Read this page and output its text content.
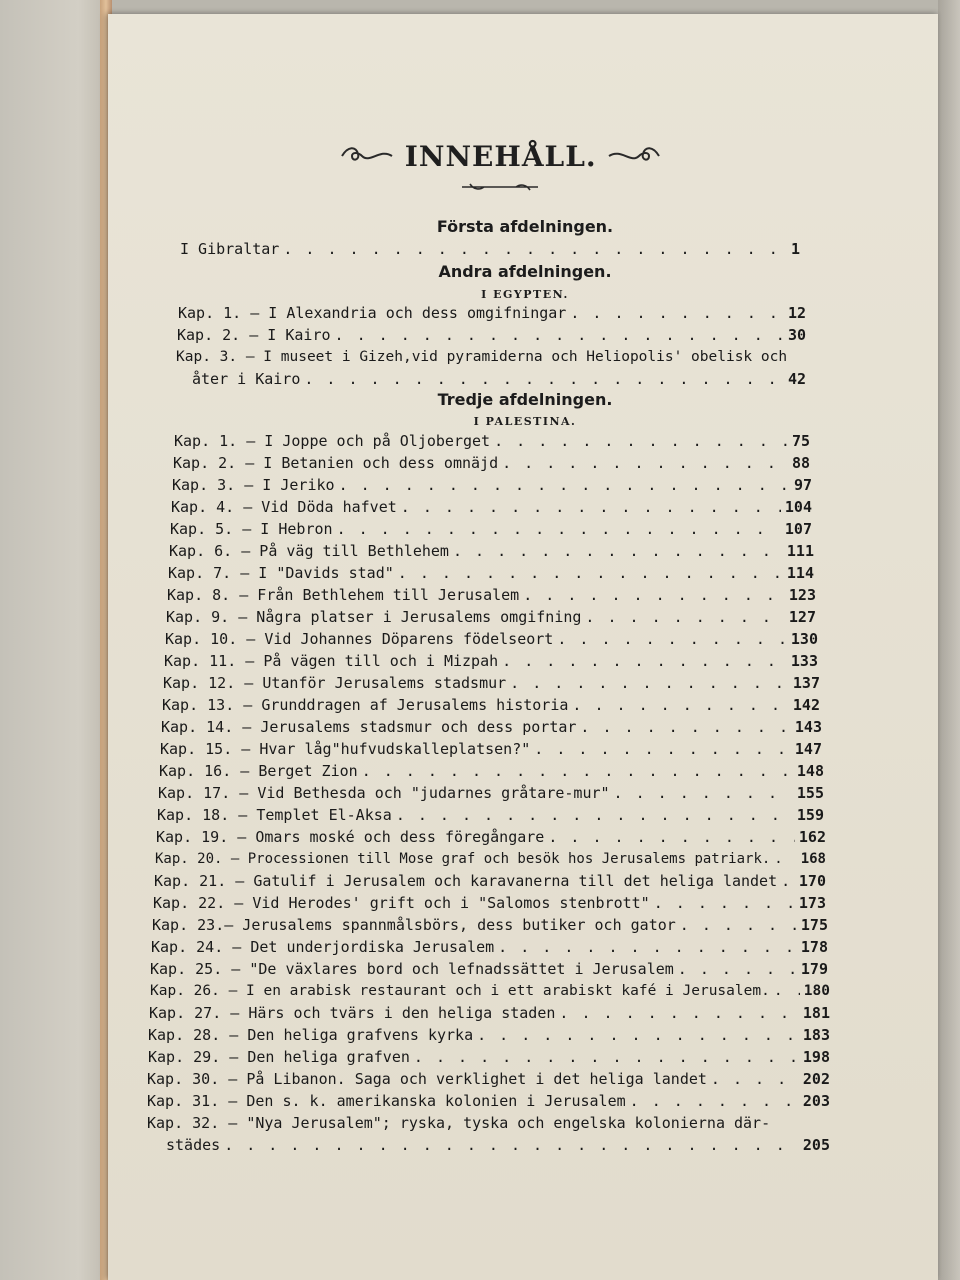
INNEHÅLL.
Första afdelningen.
I Gibraltar . . .	1
Kap. 1. — I Alexandria och dess omgifningar . . .	12
Kap. 2. — I Kairo . . .	30
Kap. 3. — I museet i Gizeh,vid pyramiderna och Heliopolis' obelisk och
åter i Kairo . . .	42
Kap. 1. — I Joppe och på Oljoberget . . .	75
Kap. 2. — I Betanien och dess omnäjd . . .	88
Kap. 3. — I Jeriko . . .	97
Kap. 4. — Vid Döda hafvet . . .	104
Kap. 5. — I Hebron . . .	107
Kap. 6. — På väg till Bethlehem . . .	111
Kap. 7. — I "Davids stad" . . .	114
Kap. 8. — Från Bethlehem till Jerusalem . . .	123
Kap. 9. — Några platser i Jerusalems omgifning . . .	127
Kap. 10. — Vid Johannes Döparens födelseort . . .	130
Kap. 11. — På vägen till och i Mizpah . . .	133
Kap. 12. — Utanför Jerusalems stadsmur . . .	137
Kap. 13. — Grunddragen af Jerusalems historia . . .	142
Kap. 14. — Jerusalems stadsmur och dess portar . . .	143
Kap. 15. — Hvar låg"hufvudskalleplatsen?" . . .	147
Kap. 16. — Berget Zion . . .	148
Kap. 17. — Vid Bethesda och "judarnes gråtare-mur" . . .	155
Kap. 18. — Templet El-Aksa . . .	159
Kap. 19. — Omars moské och dess föregångare . . .	162
Kap. 20. — Processionen till Mose graf och besök hos Jerusalems patriark. . . . 168
Kap. 21. — Gatulif i Jerusalem och karavanerna till det heliga landet . . . 170
Kap. 22. — Vid Herodes' grift och i "Salomos stenbrott" . . .	173
Kap. 23.— Jerusalems spannmålsbörs, dess butiker och gator . . .	175
Kap. 24. — Det underjordiska Jerusalem . . .	178
Kap. 25. — "De växlares bord och lefnadssättet i Jerusalem . . .	179
Kap. 26. — I en arabisk restaurant och i ett arabiskt kafé i Jerusalem. . . . 180
Kap. 27. — Härs och tvärs i den heliga staden . . .	181
Kap. 28. — Den heliga grafvens kyrka . . .	183
Kap. 29. — Den heliga grafven . . .	198
Kap. 30. — På Libanon. Saga och verklighet i det heliga landet . . .	202
Kap. 31. — Den s. k. amerikanska kolonien i Jerusalem . . .	203
Kap. 32. — "Nya Jerusalem"; ryska, tyska och engelska kolonierna där-
städes . . .	205
Andra afdelningen.
I EGYPTEN.
Tredje afdelningen.
I PALESTINA.
